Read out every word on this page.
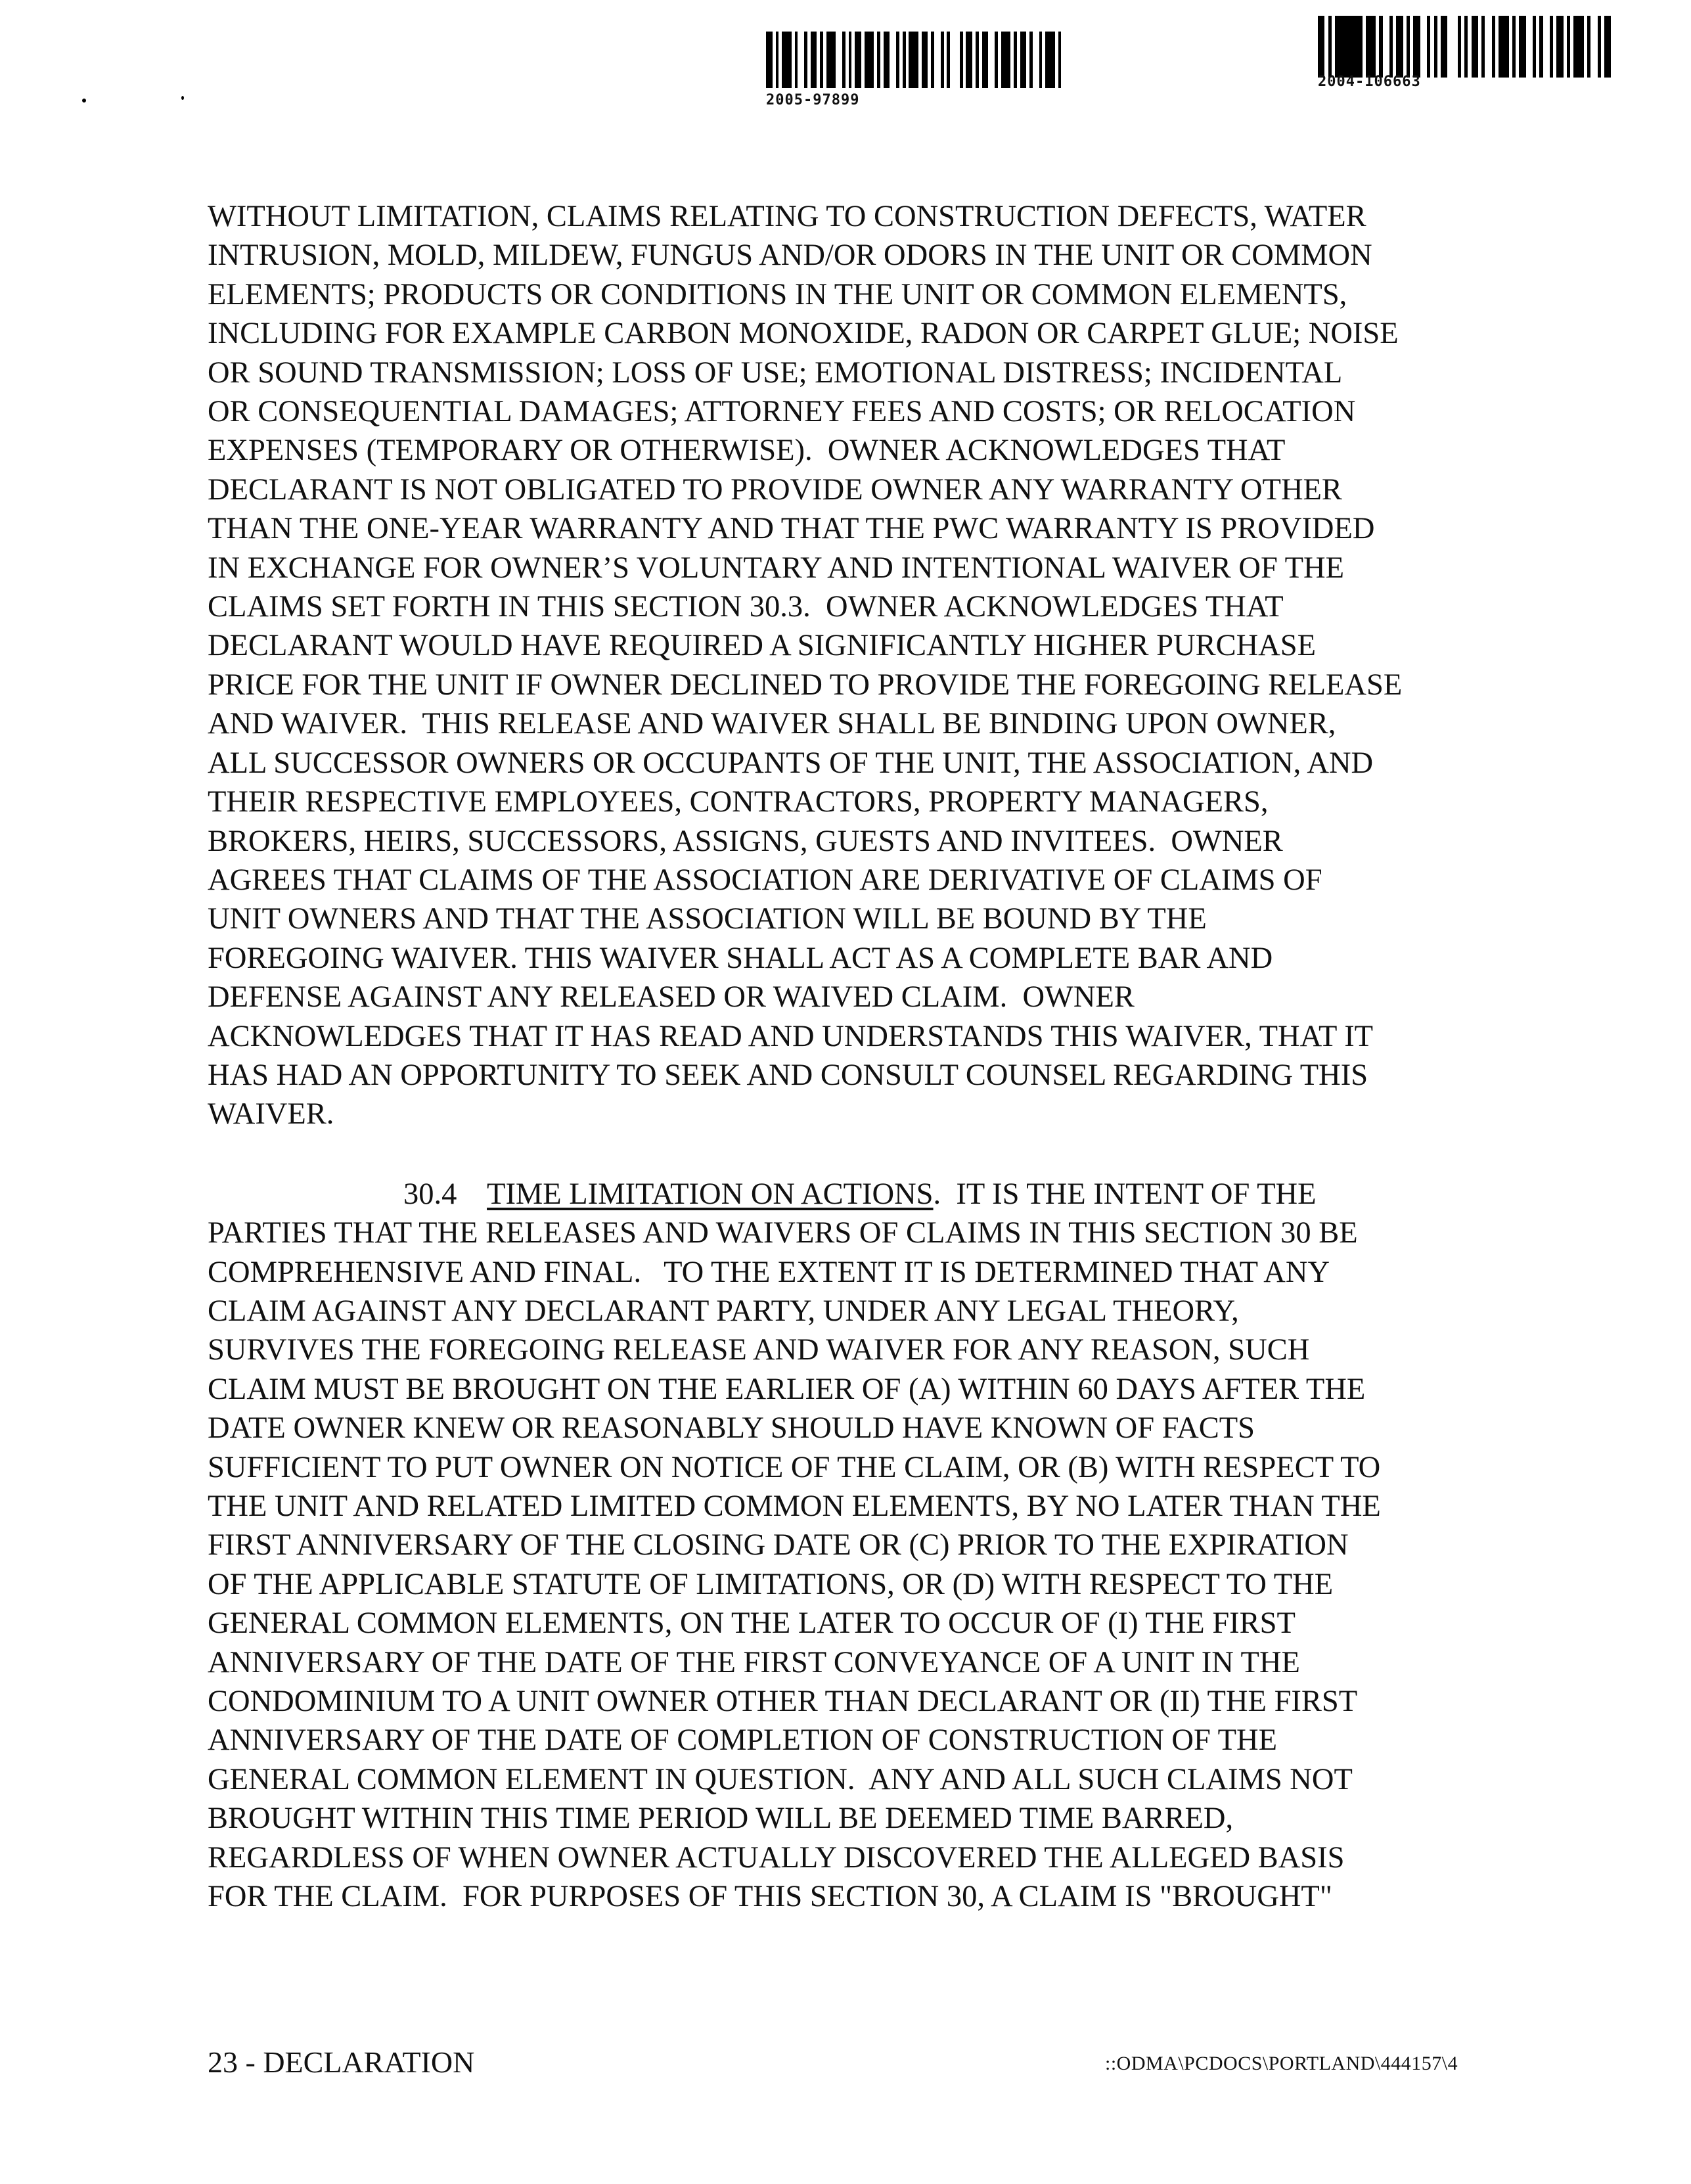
2005-97899
2004-106663
WITHOUT LIMITATION, CLAIMS RELATING TO CONSTRUCTION DEFECTS, WATER
INTRUSION, MOLD, MILDEW, FUNGUS AND/OR ODORS IN THE UNIT OR COMMON
ELEMENTS; PRODUCTS OR CONDITIONS IN THE UNIT OR COMMON ELEMENTS,
INCLUDING FOR EXAMPLE CARBON MONOXIDE, RADON OR CARPET GLUE; NOISE
OR SOUND TRANSMISSION; LOSS OF USE; EMOTIONAL DISTRESS; INCIDENTAL
OR CONSEQUENTIAL DAMAGES; ATTORNEY FEES AND COSTS; OR RELOCATION
EXPENSES (TEMPORARY OR OTHERWISE).  OWNER ACKNOWLEDGES THAT
DECLARANT IS NOT OBLIGATED TO PROVIDE OWNER ANY WARRANTY OTHER
THAN THE ONE-YEAR WARRANTY AND THAT THE PWC WARRANTY IS PROVIDED
IN EXCHANGE FOR OWNER’S VOLUNTARY AND INTENTIONAL WAIVER OF THE
CLAIMS SET FORTH IN THIS SECTION 30.3.  OWNER ACKNOWLEDGES THAT
DECLARANT WOULD HAVE REQUIRED A SIGNIFICANTLY HIGHER PURCHASE
PRICE FOR THE UNIT IF OWNER DECLINED TO PROVIDE THE FOREGOING RELEASE
AND WAIVER.  THIS RELEASE AND WAIVER SHALL BE BINDING UPON OWNER,
ALL SUCCESSOR OWNERS OR OCCUPANTS OF THE UNIT, THE ASSOCIATION, AND
THEIR RESPECTIVE EMPLOYEES, CONTRACTORS, PROPERTY MANAGERS,
BROKERS, HEIRS, SUCCESSORS, ASSIGNS, GUESTS AND INVITEES.  OWNER
AGREES THAT CLAIMS OF THE ASSOCIATION ARE DERIVATIVE OF CLAIMS OF
UNIT OWNERS AND THAT THE ASSOCIATION WILL BE BOUND BY THE
FOREGOING WAIVER. THIS WAIVER SHALL ACT AS A COMPLETE BAR AND
DEFENSE AGAINST ANY RELEASED OR WAIVED CLAIM.  OWNER
ACKNOWLEDGES THAT IT HAS READ AND UNDERSTANDS THIS WAIVER, THAT IT
HAS HAD AN OPPORTUNITY TO SEEK AND CONSULT COUNSEL REGARDING THIS
WAIVER.
30.4 TIME LIMITATION ON ACTIONS.  IT IS THE INTENT OF THE
PARTIES THAT THE RELEASES AND WAIVERS OF CLAIMS IN THIS SECTION 30 BE
COMPREHENSIVE AND FINAL.   TO THE EXTENT IT IS DETERMINED THAT ANY
CLAIM AGAINST ANY DECLARANT PARTY, UNDER ANY LEGAL THEORY,
SURVIVES THE FOREGOING RELEASE AND WAIVER FOR ANY REASON, SUCH
CLAIM MUST BE BROUGHT ON THE EARLIER OF (A) WITHIN 60 DAYS AFTER THE
DATE OWNER KNEW OR REASONABLY SHOULD HAVE KNOWN OF FACTS
SUFFICIENT TO PUT OWNER ON NOTICE OF THE CLAIM, OR (B) WITH RESPECT TO
THE UNIT AND RELATED LIMITED COMMON ELEMENTS, BY NO LATER THAN THE
FIRST ANNIVERSARY OF THE CLOSING DATE OR (C) PRIOR TO THE EXPIRATION
OF THE APPLICABLE STATUTE OF LIMITATIONS, OR (D) WITH RESPECT TO THE
GENERAL COMMON ELEMENTS, ON THE LATER TO OCCUR OF (I) THE FIRST
ANNIVERSARY OF THE DATE OF THE FIRST CONVEYANCE OF A UNIT IN THE
CONDOMINIUM TO A UNIT OWNER OTHER THAN DECLARANT OR (II) THE FIRST
ANNIVERSARY OF THE DATE OF COMPLETION OF CONSTRUCTION OF THE
GENERAL COMMON ELEMENT IN QUESTION.  ANY AND ALL SUCH CLAIMS NOT
BROUGHT WITHIN THIS TIME PERIOD WILL BE DEEMED TIME BARRED,
REGARDLESS OF WHEN OWNER ACTUALLY DISCOVERED THE ALLEGED BASIS
FOR THE CLAIM.  FOR PURPOSES OF THIS SECTION 30, A CLAIM IS "BROUGHT"
23 - DECLARATION	::ODMA\PCDOCS\PORTLAND\444157\4
